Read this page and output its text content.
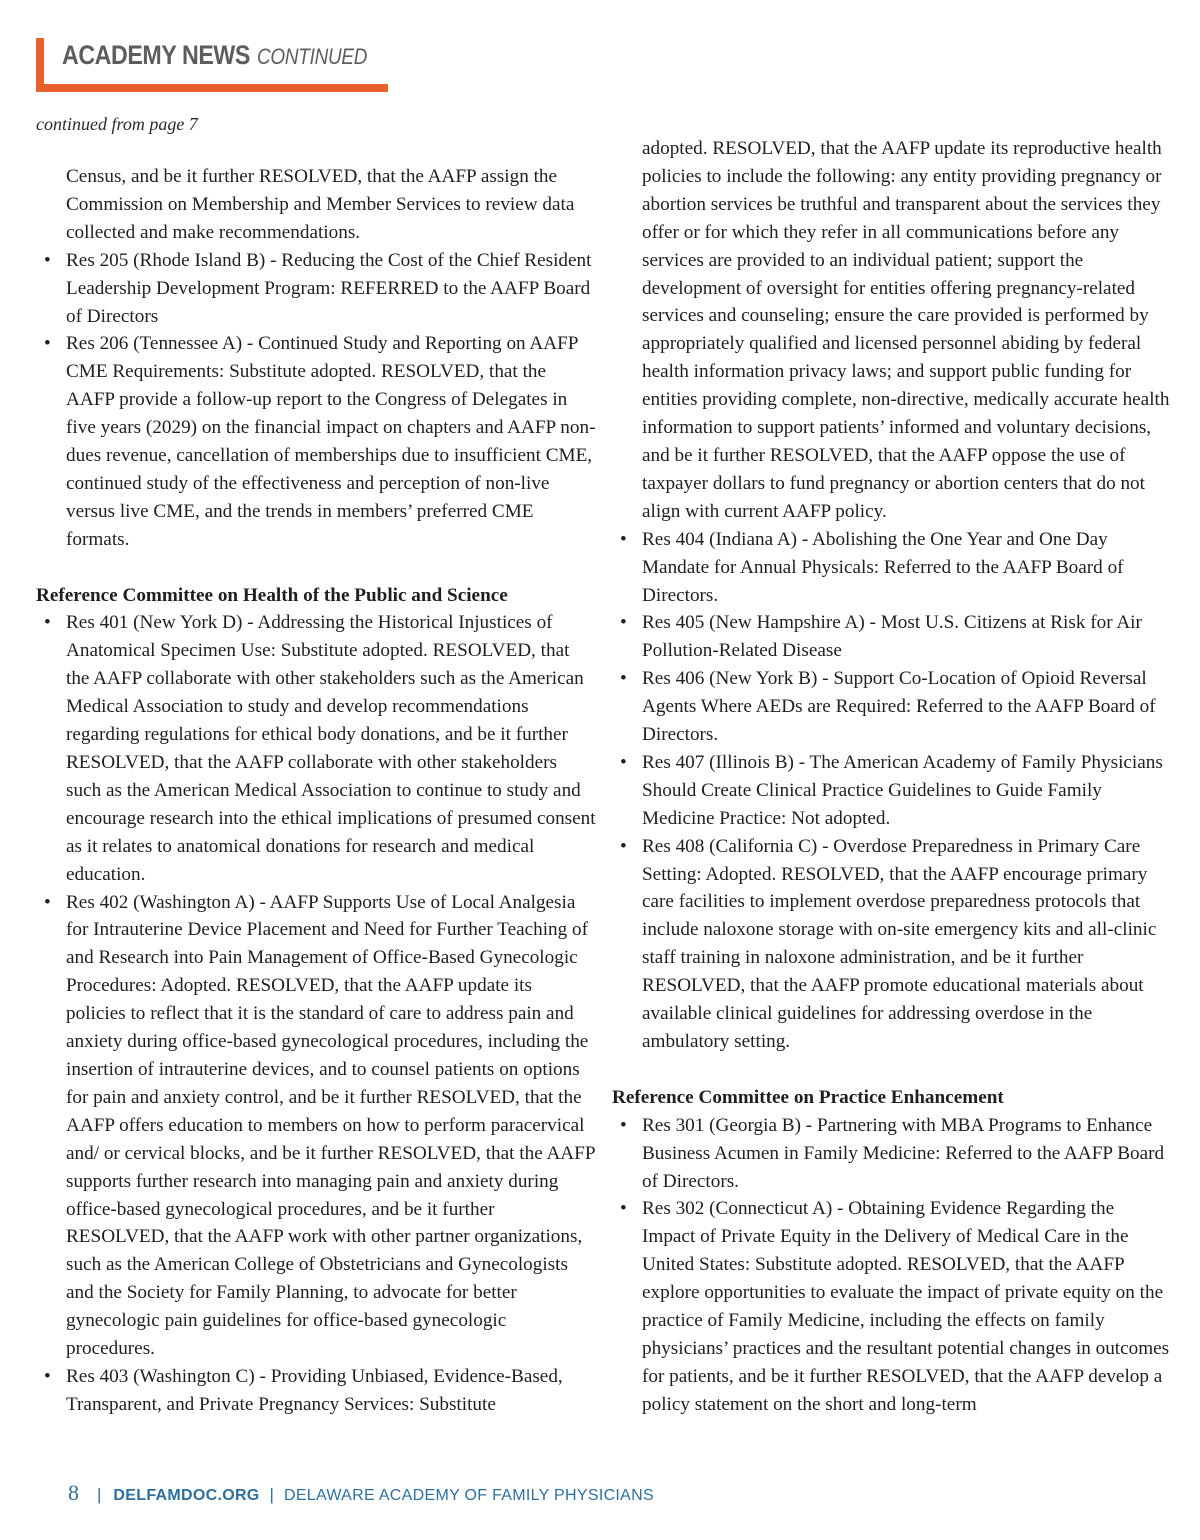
ACADEMY NEWS CONTINUED
continued from page 7
Census, and be it further RESOLVED, that the AAFP assign the Commission on Membership and Member Services to review data collected and make recommendations.
• Res 205 (Rhode Island B) - Reducing the Cost of the Chief Resident Leadership Development Program: REFERRED to the AAFP Board of Directors
• Res 206 (Tennessee A) - Continued Study and Reporting on AAFP CME Requirements: Substitute adopted. RESOLVED, that the AAFP provide a follow-up report to the Congress of Delegates in five years (2029) on the financial impact on chapters and AAFP non-dues revenue, cancellation of memberships due to insufficient CME, continued study of the effectiveness and perception of non-live versus live CME, and the trends in members’ preferred CME formats.
Reference Committee on Health of the Public and Science
• Res 401 (New York D) - Addressing the Historical Injustices of Anatomical Specimen Use: Substitute adopted. RESOLVED, that the AAFP collaborate with other stakeholders such as the American Medical Association to study and develop recommendations regarding regulations for ethical body donations, and be it further RESOLVED, that the AAFP collaborate with other stakeholders such as the American Medical Association to continue to study and encourage research into the ethical implications of presumed consent as it relates to anatomical donations for research and medical education.
• Res 402 (Washington A) - AAFP Supports Use of Local Analgesia for Intrauterine Device Placement and Need for Further Teaching of and Research into Pain Management of Office-Based Gynecologic Procedures: Adopted. RESOLVED, that the AAFP update its policies to reflect that it is the standard of care to address pain and anxiety during office-based gynecological procedures, including the insertion of intrauterine devices, and to counsel patients on options for pain and anxiety control, and be it further RESOLVED, that the AAFP offers education to members on how to perform paracervical and/ or cervical blocks, and be it further RESOLVED, that the AAFP supports further research into managing pain and anxiety during office-based gynecological procedures, and be it further RESOLVED, that the AAFP work with other partner organizations, such as the American College of Obstetricians and Gynecologists and the Society for Family Planning, to advocate for better gynecologic pain guidelines for office-based gynecologic procedures.
• Res 403 (Washington C) - Providing Unbiased, Evidence-Based, Transparent, and Private Pregnancy Services: Substitute
adopted. RESOLVED, that the AAFP update its reproductive health policies to include the following: any entity providing pregnancy or abortion services be truthful and transparent about the services they offer or for which they refer in all communications before any services are provided to an individual patient; support the development of oversight for entities offering pregnancy-related services and counseling; ensure the care provided is performed by appropriately qualified and licensed personnel abiding by federal health information privacy laws; and support public funding for entities providing complete, non-directive, medically accurate health information to support patients’ informed and voluntary decisions, and be it further RESOLVED, that the AAFP oppose the use of taxpayer dollars to fund pregnancy or abortion centers that do not align with current AAFP policy.
• Res 404 (Indiana A) - Abolishing the One Year and One Day Mandate for Annual Physicals: Referred to the AAFP Board of Directors.
• Res 405 (New Hampshire A) - Most U.S. Citizens at Risk for Air Pollution-Related Disease
• Res 406 (New York B) - Support Co-Location of Opioid Reversal Agents Where AEDs are Required: Referred to the AAFP Board of Directors.
• Res 407 (Illinois B) - The American Academy of Family Physicians Should Create Clinical Practice Guidelines to Guide Family Medicine Practice: Not adopted.
• Res 408 (California C) - Overdose Preparedness in Primary Care Setting: Adopted. RESOLVED, that the AAFP encourage primary care facilities to implement overdose preparedness protocols that include naloxone storage with on-site emergency kits and all-clinic staff training in naloxone administration, and be it further RESOLVED, that the AAFP promote educational materials about available clinical guidelines for addressing overdose in the ambulatory setting.
Reference Committee on Practice Enhancement
• Res 301 (Georgia B) - Partnering with MBA Programs to Enhance Business Acumen in Family Medicine: Referred to the AAFP Board of Directors.
• Res 302 (Connecticut A) - Obtaining Evidence Regarding the Impact of Private Equity in the Delivery of Medical Care in the United States: Substitute adopted. RESOLVED, that the AAFP explore opportunities to evaluate the impact of private equity on the practice of Family Medicine, including the effects on family physicians’ practices and the resultant potential changes in outcomes for patients, and be it further RESOLVED, that the AAFP develop a policy statement on the short and long-term
8 | DELFAMDOC.ORG | DELAWARE ACADEMY OF FAMILY PHYSICIANS
